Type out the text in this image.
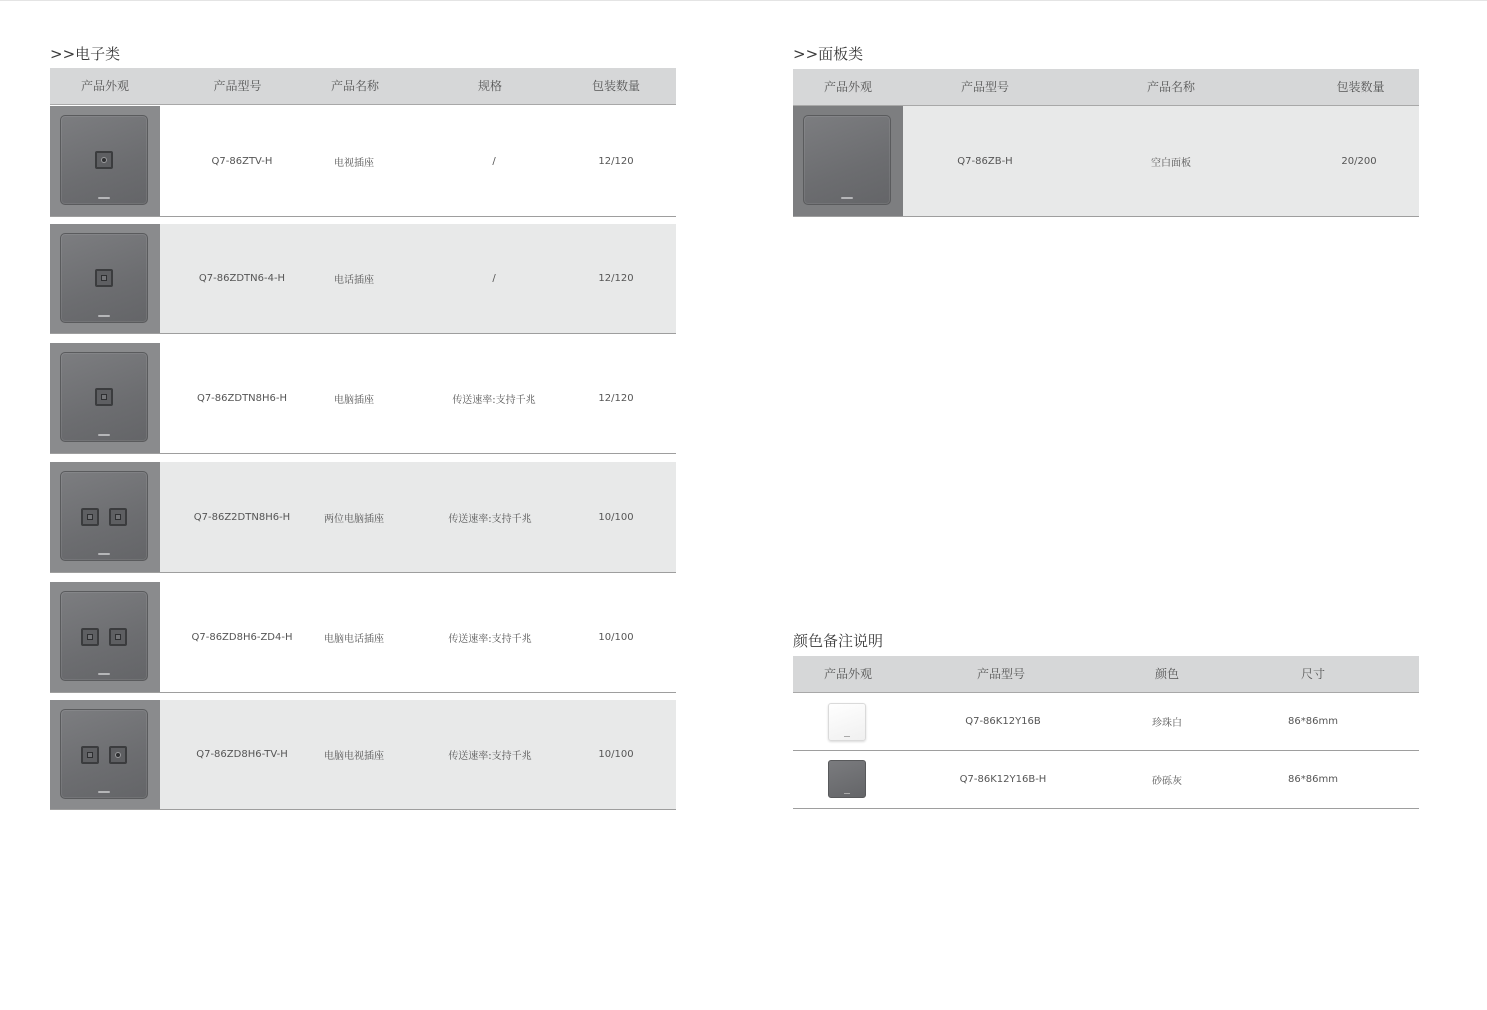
>>电子类
产品外观	产品型号	产品名称	规格	包装数量
Q7-86ZTV-H	电视插座	/	12/120
Q7-86ZDTN6-4-H	电话插座	/	12/120
Q7-86ZDTN8H6-H	电脑插座	传送速率:支持千兆	12/120
Q7-86Z2DTN8H6-H	两位电脑插座	传送速率:支持千兆	10/100
Q7-86ZD8H6-ZD4-H	电脑电话插座	传送速率:支持千兆	10/100
Q7-86ZD8H6-TV-H	电脑电视插座	传送速率:支持千兆	10/100
>>面板类
产品外观	产品型号	产品名称	包装数量
Q7-86ZB-H	空白面板	20/200
颜色备注说明
产品外观	产品型号	颜色	尺寸
Q7-86K12Y16B	珍珠白	86*86mm
Q7-86K12Y16B-H	砂砾灰	86*86mm
